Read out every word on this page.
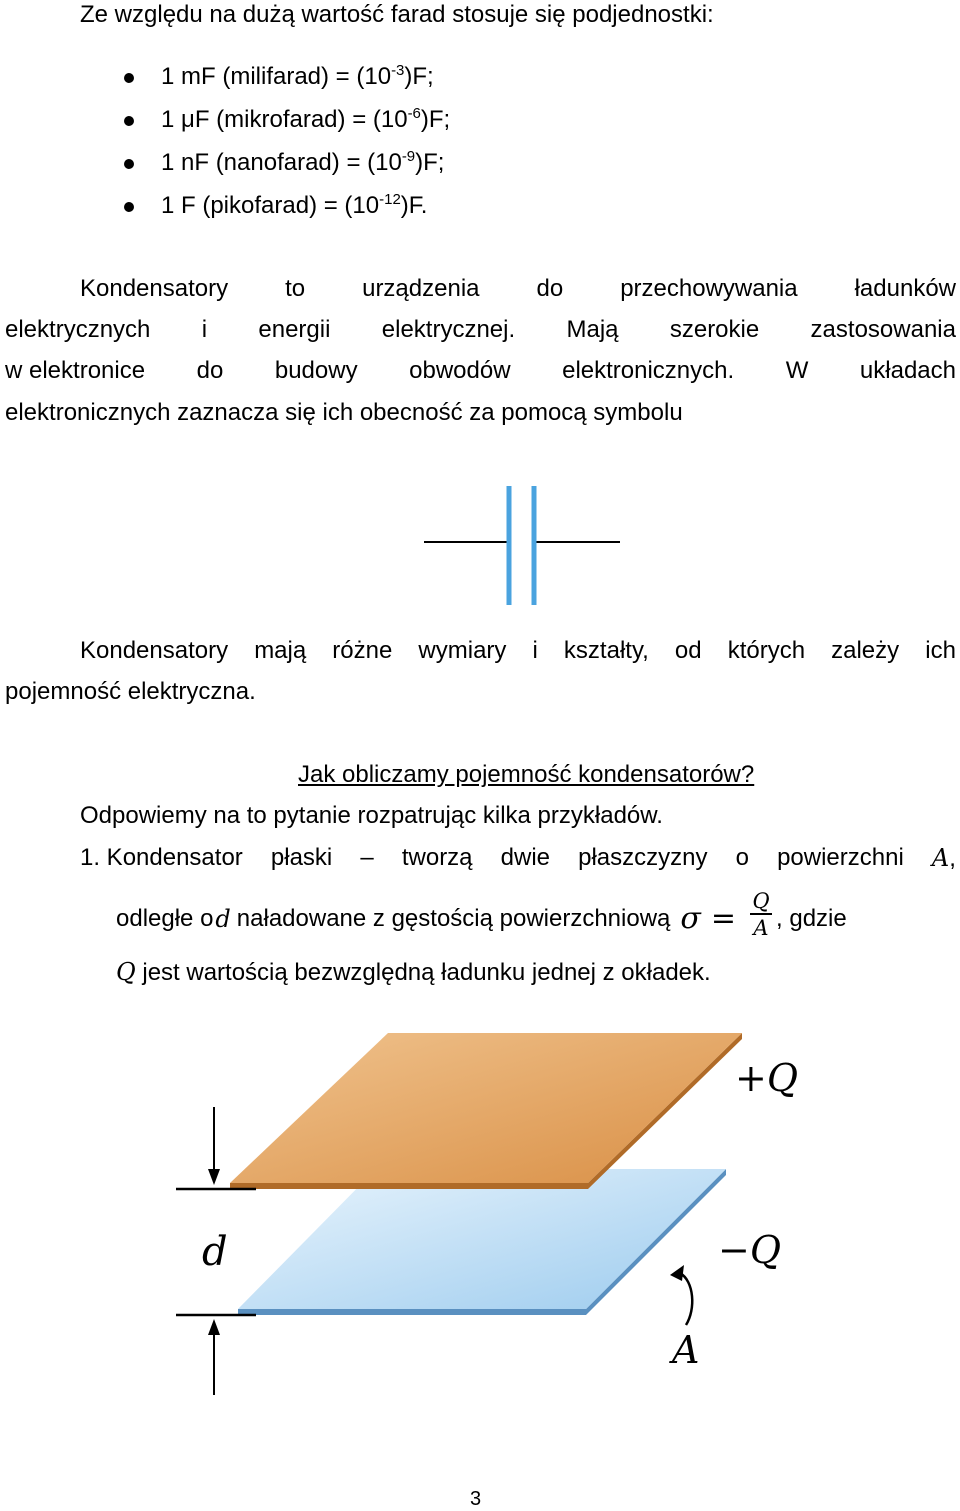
Ze względu na dużą wartość farad stosuje się podjednostki:
1 mF (milifarad) = $(10^{-3})F$;
1 μF (mikrofarad) = $(10^{-6})F$;
1 nF (nanofarad) = $(10^{-9})F$;
1 F (pikofarad) = $(10^{-12})F$.
Kondensatory to urządzenia do przechowywania ładunków
elektrycznych i energii elektrycznej. Mają szerokie zastosowania
w elektronice do budowy obwodów elektronicznych. W układach
elektronicznych zaznacza się ich obecność za pomocą symbolu
Kondensatory mają różne wymiary i kształty, od których zależy ich
pojemność elektryczna.
Jak obliczamy pojemność kondensatorów?
Odpowiemy na to pytanie rozpatrując kilka przykładów.
1. Kondensator płaski – tworzą dwie płaszczyzny o powierzchni A,
odległe o d naładowane z gęstością powierzchniową $\sigma = \frac{Q}{A}$ , gdzie
Q jest wartością bezwzględną ładunku jednej z okładek.
+Q
−Q
d
A
3
